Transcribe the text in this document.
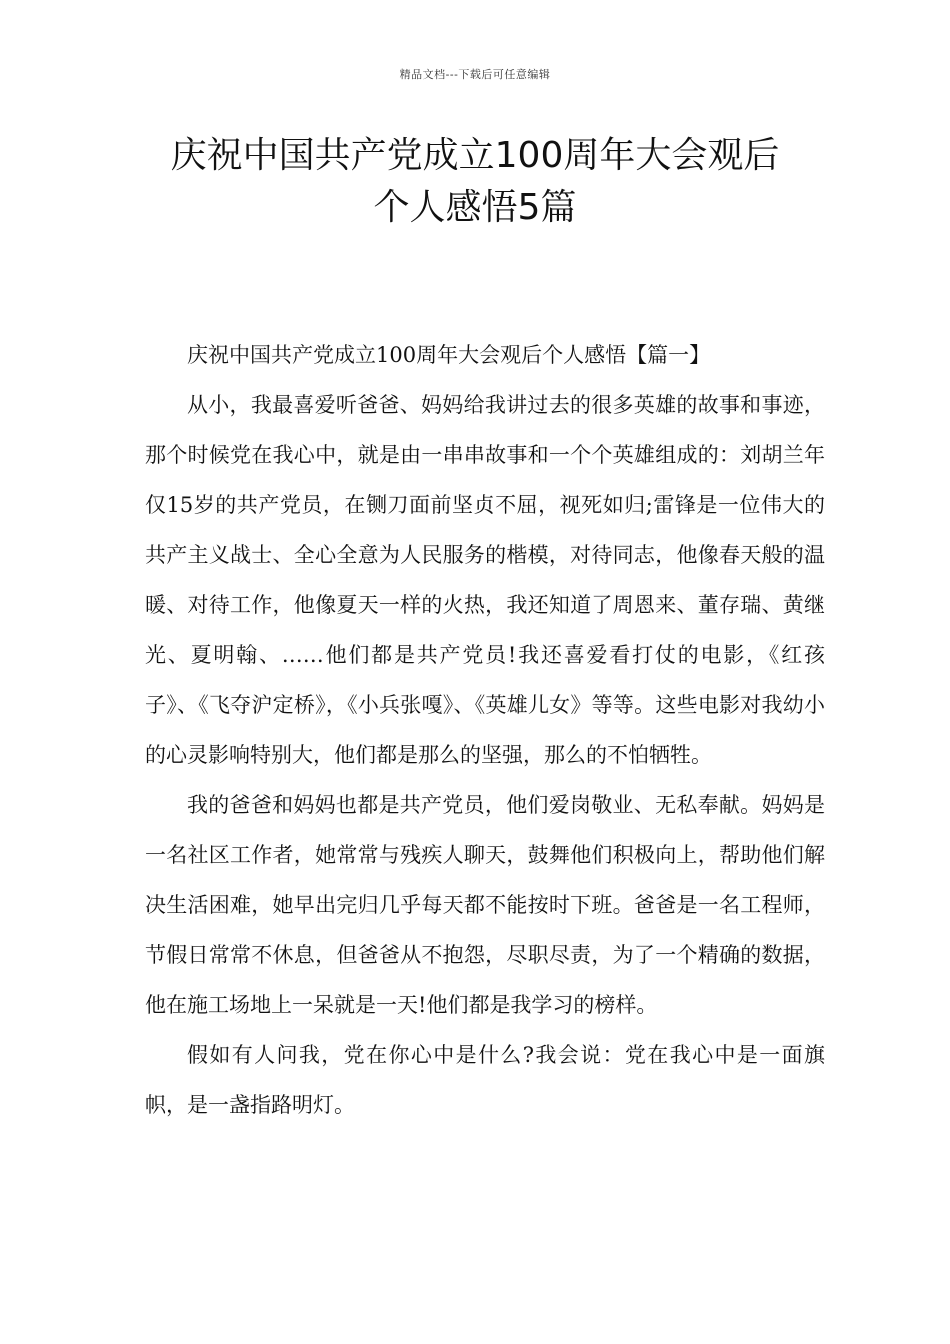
精品文档---下载后可任意编辑
庆祝中国共产党成立100周年大会观后
个人感悟5篇

庆祝中国共产党成立100周年大会观后个人感悟【篇一】

从小，我最喜爱听爸爸、妈妈给我讲过去的很多英雄的故事和事迹，那个时候党在我心中，就是由一串串故事和一个个英雄组成的：刘胡兰年仅15岁的共产党员，在铡刀面前坚贞不屈，视死如归;雷锋是一位伟大的共产主义战士、全心全意为人民服务的楷模，对待同志，他像春天般的温暖、对待工作，他像夏天一样的火热，我还知道了周恩来、董存瑞、黄继光、夏明翰、……他们都是共产党员!我还喜爱看打仗的电影，《红孩子》、《飞夺沪定桥》，《小兵张嘎》、《英雄儿女》等等。这些电影对我幼小的心灵影响特别大，他们都是那么的坚强，那么的不怕牺牲。

我的爸爸和妈妈也都是共产党员，他们爱岗敬业、无私奉献。妈妈是一名社区工作者，她常常与残疾人聊天，鼓舞他们积极向上，帮助他们解决生活困难，她早出完归几乎每天都不能按时下班。爸爸是一名工程师，节假日常常不休息，但爸爸从不抱怨，尽职尽责，为了一个精确的数据，他在施工场地上一呆就是一天!他们都是我学习的榜样。

假如有人问我，党在你心中是什么?我会说：党在我心中是一面旗帜，是一盏指路明灯。
